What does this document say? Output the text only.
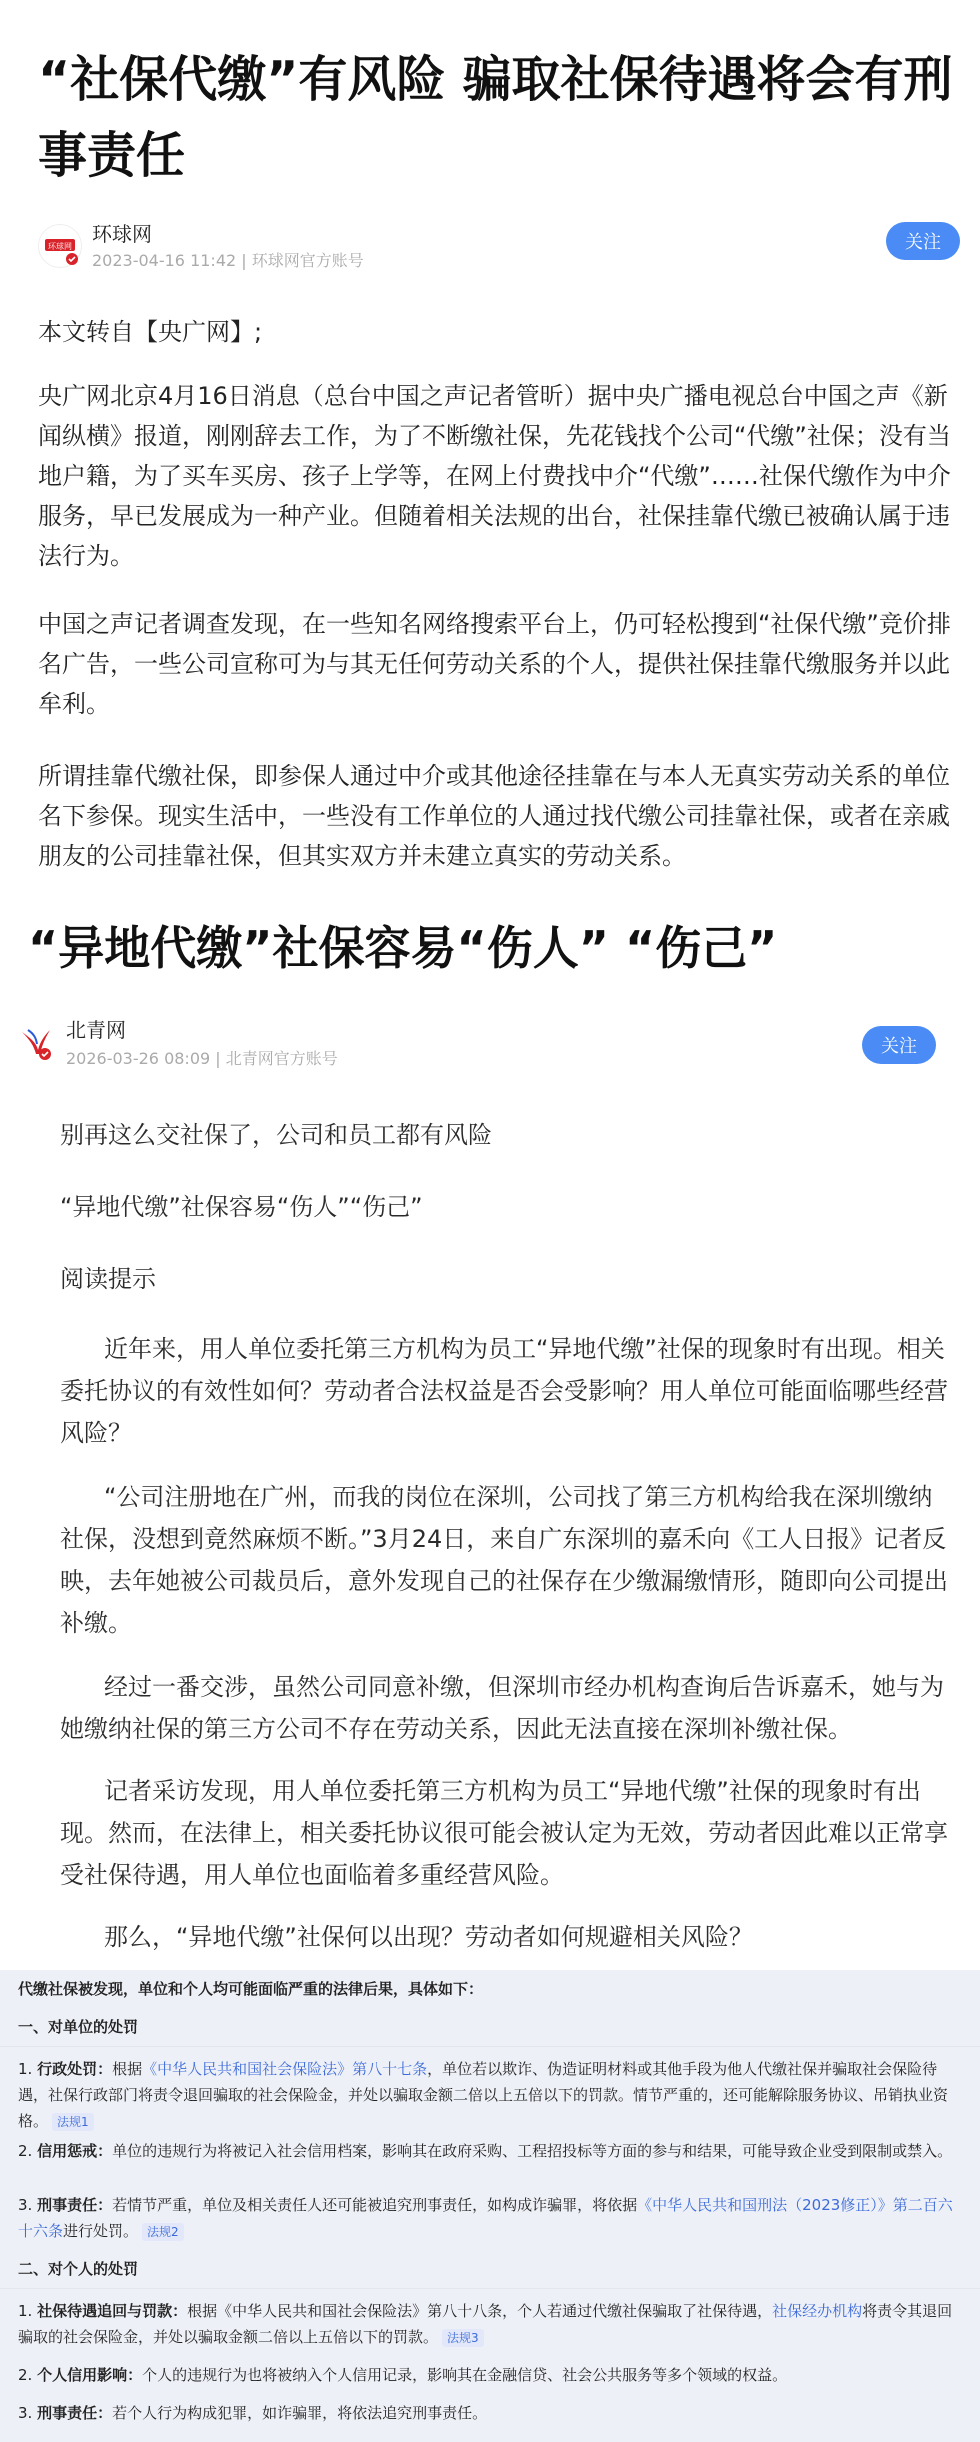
“社保代缴”有风险 骗取社保待遇将会有刑事责任
环球网
环球网
2023-04-16 11:42 | 环球网官方账号
关注
本文转自【央广网】;
央广网北京4月16日消息（总台中国之声记者管昕）据中央广播电视总台中国之声《新闻纵横》报道，刚刚辞去工作，为了不断缴社保，先花钱找个公司“代缴”社保；没有当地户籍，为了买车买房、孩子上学等，在网上付费找中介“代缴”……社保代缴作为中介服务，早已发展成为一种产业。但随着相关法规的出台，社保挂靠代缴已被确认属于违法行为。
中国之声记者调查发现，在一些知名网络搜索平台上，仍可轻松搜到“社保代缴”竞价排名广告，一些公司宣称可为与其无任何劳动关系的个人，提供社保挂靠代缴服务并以此牟利。
所谓挂靠代缴社保，即参保人通过中介或其他途径挂靠在与本人无真实劳动关系的单位名下参保。现实生活中，一些没有工作单位的人通过找代缴公司挂靠社保，或者在亲戚朋友的公司挂靠社保，但其实双方并未建立真实的劳动关系。
“异地代缴”社保容易“伤人” “伤己”
北青网
2026-03-26 08:09 | 北青网官方账号
关注
别再这么交社保了，公司和员工都有风险
“异地代缴”社保容易“伤人”“伤己”
阅读提示
近年来，用人单位委托第三方机构为员工“异地代缴”社保的现象时有出现。相关委托协议的有效性如何？劳动者合法权益是否会受影响？用人单位可能面临哪些经营风险？
“公司注册地在广州，而我的岗位在深圳，公司找了第三方机构给我在深圳缴纳社保，没想到竟然麻烦不断。”3月24日，来自广东深圳的嘉禾向《工人日报》记者反映，去年她被公司裁员后，意外发现自己的社保存在少缴漏缴情形，随即向公司提出补缴。
经过一番交涉，虽然公司同意补缴，但深圳市经办机构查询后告诉嘉禾，她与为她缴纳社保的第三方公司不存在劳动关系，因此无法直接在深圳补缴社保。
记者采访发现，用人单位委托第三方机构为员工“异地代缴”社保的现象时有出现。然而，在法律上，相关委托协议很可能会被认定为无效，劳动者因此难以正常享受社保待遇，用人单位也面临着多重经营风险。
那么，“异地代缴”社保何以出现？劳动者如何规避相关风险？
代缴社保被发现，单位和个人均可能面临严重的法律后果，具体如下：
一、对单位的处罚
1. 行政处罚：根据《中华人民共和国社会保险法》第八十七条，单位若以欺诈、伪造证明材料或其他手段为他人代缴社保并骗取社会保险待遇，社保行政部门将责令退回骗取的社会保险金，并处以骗取金额二倍以上五倍以下的罚款。情节严重的，还可能解除服务协议、吊销执业资格。 法规1
2. 信用惩戒：单位的违规行为将被记入社会信用档案，影响其在政府采购、工程招投标等方面的参与和结果，可能导致企业受到限制或禁入。
3. 刑事责任：若情节严重，单位及相关责任人还可能被追究刑事责任，如构成诈骗罪，将依据《中华人民共和国刑法（2023修正）》第二百六十六条进行处罚。 法规2
二、对个人的处罚
1. 社保待遇追回与罚款：根据《中华人民共和国社会保险法》第八十八条，个人若通过代缴社保骗取了社保待遇，社保经办机构将责令其退回骗取的社会保险金，并处以骗取金额二倍以上五倍以下的罚款。 法规3
2. 个人信用影响：个人的违规行为也将被纳入个人信用记录，影响其在金融信贷、社会公共服务等多个领域的权益。
3. 刑事责任：若个人行为构成犯罪，如诈骗罪，将依法追究刑事责任。
